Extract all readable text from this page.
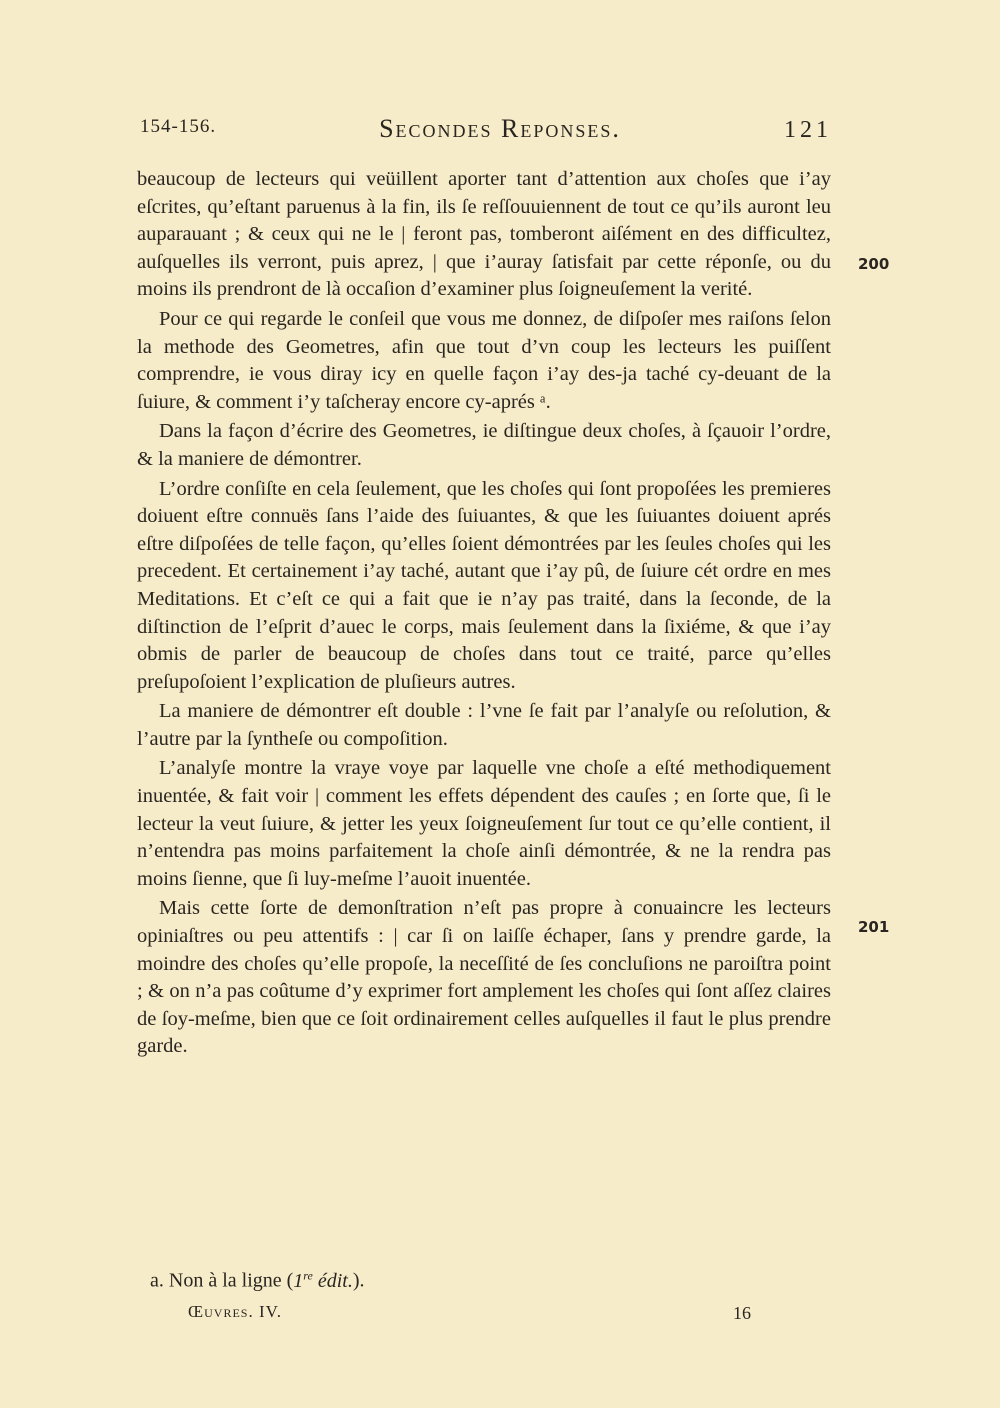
154-156.	Secondes Reponses.	121

beaucoup de lecteurs qui veüillent aporter tant d’attention aux choſes que i’ay eſcrites, qu’eſtant paruenus à la fin, ils ſe reſſouuiennent de tout ce qu’ils auront leu auparauant ; & ceux qui ne le | feront pas, tomberont aiſément en des difficultez, auſquelles ils verront, puis aprez, | que i’auray ſatisfait par cette réponſe, ou du moins ils prendront de là occaſion d’examiner plus ſoigneuſement la verité.

Pour ce qui regarde le conſeil que vous me donnez, de diſpoſer mes raiſons ſelon la methode des Geometres, afin que tout d’vn coup les lecteurs les puiſſent comprendre, ie vous diray icy en quelle façon i’ay des-ja taché cy-deuant de la ſuiure, & comment i’y taſcheray encore cy-aprés ᵃ.

Dans la façon d’écrire des Geometres, ie diſtingue deux choſes, à ſçauoir l’ordre, & la maniere de démontrer.

L’ordre conſiſte en cela ſeulement, que les choſes qui ſont propoſées les premieres doiuent eſtre connuës ſans l’aide des ſuiuantes, & que les ſuiuantes doiuent aprés eſtre diſpoſées de telle façon, qu’elles ſoient démontrées par les ſeules choſes qui les precedent. Et certainement i’ay taché, autant que i’ay pû, de ſuiure cét ordre en mes Meditations. Et c’eſt ce qui a fait que ie n’ay pas traité, dans la ſeconde, de la diſtinction de l’eſprit d’auec le corps, mais ſeulement dans la ſixiéme, & que i’ay obmis de parler de beaucoup de choſes dans tout ce traité, parce qu’elles preſupoſoient l’explication de pluſieurs autres.

La maniere de démontrer eſt double : l’vne ſe fait par l’analyſe ou reſolution, & l’autre par la ſyntheſe ou compoſition.

L’analyſe montre la vraye voye par laquelle vne choſe a eſté methodiquement inuentée, & fait voir | comment les effets dépendent des cauſes ; en ſorte que, ſi le lecteur la veut ſuiure, & jetter les yeux ſoigneuſement ſur tout ce qu’elle contient, il n’entendra pas moins parfaitement la choſe ainſi démontrée, & ne la rendra pas moins ſienne, que ſi luy-meſme l’auoit inuentée.

Mais cette ſorte de demonſtration n’eſt pas propre à conuaincre les lecteurs opiniaſtres ou peu attentifs : | car ſi on laiſſe échaper, ſans y prendre garde, la moindre des choſes qu’elle propoſe, la neceſſité de ſes concluſions ne paroiſtra point ; & on n’a pas coûtume d’y exprimer fort amplement les choſes qui ſont aſſez claires de ſoy-meſme, bien que ce ſoit ordinairement celles auſquelles il faut le plus prendre garde.

200
201
a. Non à la ligne (1re édit.).
Œuvres. IV.	16
